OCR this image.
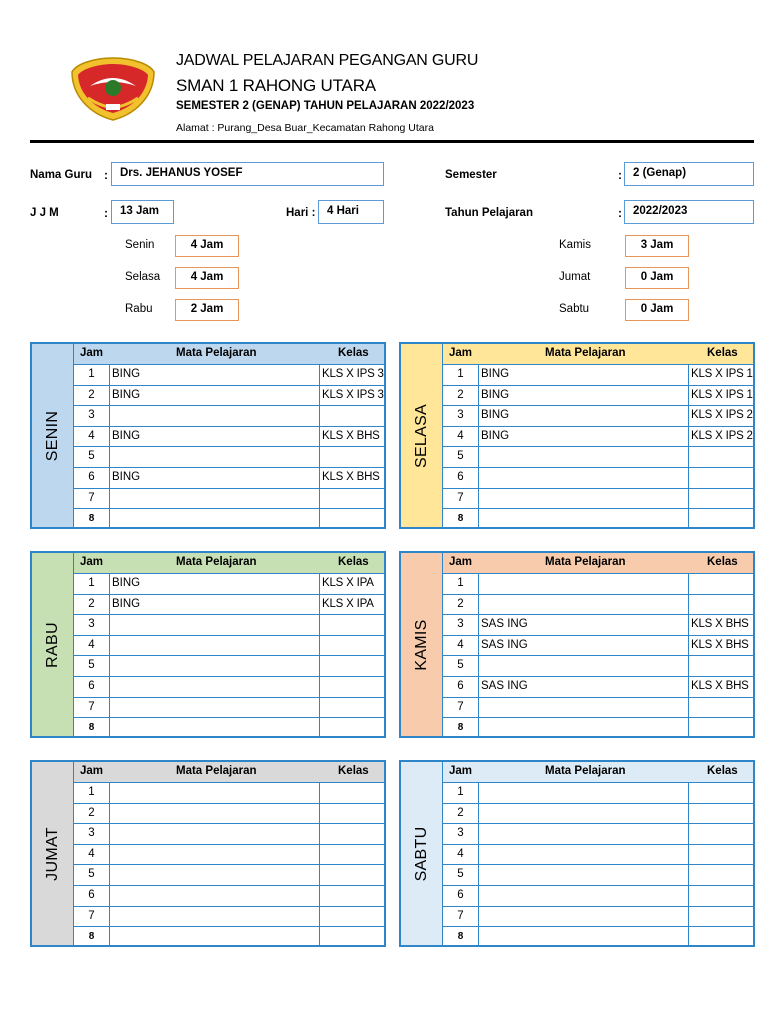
JADWAL PELAJARAN PEGANGAN GURU
SMAN 1 RAHONG UTARA
SEMESTER 2 (GENAP) TAHUN PELAJARAN 2022/2023
Alamat : Purang_Desa Buar_Kecamatan Rahong Utara
Nama Guru :	Drs. JEHANUS YOSEF	Semester	: 2 (Genap)
J J M	:	13 Jam	Hari :	4 Hari	Tahun Pelajaran	: 2022/2023
Senin	4 Jam
Selasa	4 Jam
Rabu	2 Jam
Kamis	3 Jam
Jumat	0 Jam
Sabtu	0 Jam
SENIN
Jam	Mata Pelajaran	Kelas
1	BING	KLS X IPS 3
2	BING	KLS X IPS 3
3
4	BING	KLS X BHS
5
6	BING	KLS X BHS
7
8
SELASA
Jam	Mata Pelajaran	Kelas
1	BING	KLS X IPS 1
2	BING	KLS X IPS 1
3	BING	KLS X IPS 2
4	BING	KLS X IPS 2
5
6
7
8
RABU
Jam	Mata Pelajaran	Kelas
1	BING	KLS X IPA
2	BING	KLS X IPA
3
4
5
6
7
8
KAMIS
Jam	Mata Pelajaran	Kelas
1
2
3	SAS ING	KLS X BHS
4	SAS ING	KLS X BHS
5
6	SAS ING	KLS X BHS
7
8
JUMAT
Jam	Mata Pelajaran	Kelas
1
2
3
4
5
6
7
8
SABTU
Jam	Mata Pelajaran	Kelas
1
2
3
4
5
6
7
8
